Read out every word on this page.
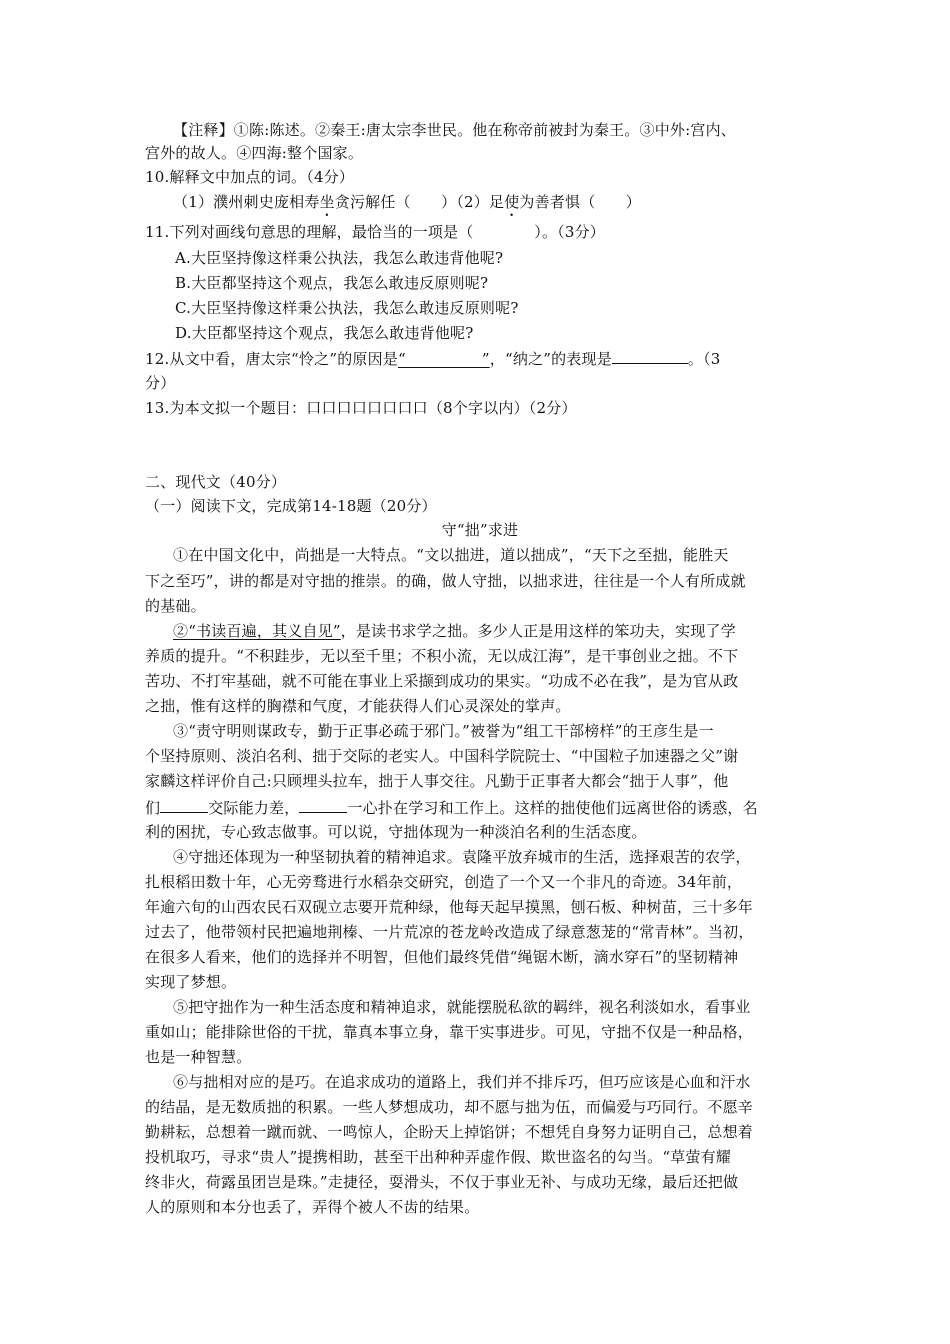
【注释】①陈:陈述。②秦王:唐太宗李世民。他在称帝前被封为秦王。③中外:宫内、
宫外的故人。④四海:整个国家。
10.解释文中加点的词。（4分）
（1）濮州刺史庞相寿坐贪污解任（　　）（2）足使为善者惧（　　）
11.下列对画线句意思的理解，最恰当的一项是（　　　　）。（3分）
A.大臣坚持像这样秉公执法，我怎么敢违背他呢?
B.大臣都坚持这个观点，我怎么敢违反原则呢?
C.大臣坚持像这样秉公执法，我怎么敢违反原则呢?
D.大臣都坚持这个观点，我怎么敢违背他呢?
12.从文中看，唐太宗“怜之”的原因是“　　　　　”，“纳之”的表现是	。（3
分）
13.为本文拟一个题目：口口口口口口口口（8个字以内）（2分）
二、现代文（40分）
（一）阅读下文，完成第14-18题（20分）
守“拙”求进
①在中国文化中，尚拙是一大特点。“文以拙进，道以拙成”，“天下之至拙，能胜天
下之至巧”，讲的都是对守拙的推崇。的确，做人守拙，以拙求进，往往是一个人有所成就
的基础。
②“书读百遍，其义自见”，是读书求学之拙。多少人正是用这样的笨功夫，实现了学
养质的提升。“不积跬步，无以至千里；不积小流，无以成江海”，是干事创业之拙。不下
苦功、不打牢基础，就不可能在事业上采撷到成功的果实。“功成不必在我”，是为官从政
之拙，惟有这样的胸襟和气度，才能获得人们心灵深处的掌声。
③“责守明则谋政专，勤于正事必疏于邪门。”被誉为“组工干部榜样”的王彦生是一
个坚持原则、淡泊名利、拙于交际的老实人。中国科学院院士、“中国粒子加速器之父”谢
家麟这样评价自己:只顾埋头拉车，拙于人事交往。凡勤于正事者大都会“拙于人事”，他
们	交际能力差，	一心扑在学习和工作上。这样的拙使他们远离世俗的诱惑，名
利的困扰，专心致志做事。可以说，守拙体现为一种淡泊名利的生活态度。
④守拙还体现为一种坚韧执着的精神追求。袁隆平放弃城市的生活，选择艰苦的农学，
扎根稻田数十年，心无旁骛进行水稻杂交研究，创造了一个又一个非凡的奇迹。34年前，
年逾六旬的山西农民石双砚立志要开荒种绿，他每天起早摸黑，刨石板、种树苗，三十多年
过去了，他带领村民把遍地荆榛、一片荒凉的苍龙岭改造成了绿意葱茏的“常青林”。当初，
在很多人看来，他们的选择并不明智，但他们最终凭借“绳锯木断，滴水穿石”的坚韧精神
实现了梦想。
⑤把守拙作为一种生活态度和精神追求，就能摆脱私欲的羁绊，视名利淡如水，看事业
重如山；能排除世俗的干扰，靠真本事立身，靠干实事进步。可见，守拙不仅是一种品格，
也是一种智慧。
⑥与拙相对应的是巧。在追求成功的道路上，我们并不排斥巧，但巧应该是心血和汗水
的结晶，是无数质拙的积累。一些人梦想成功，却不愿与拙为伍，而偏爱与巧同行。不愿辛
勤耕耘，总想着一蹴而就、一鸣惊人，企盼天上掉馅饼；不想凭自身努力证明自己，总想着
投机取巧，寻求“贵人”提携相助，甚至干出种种弄虚作假、欺世盗名的勾当。“草萤有耀
终非火，荷露虽团岂是珠。”走捷径，耍滑头，不仅于事业无补、与成功无缘，最后还把做
人的原则和本分也丢了，弄得个被人不齿的结果。
